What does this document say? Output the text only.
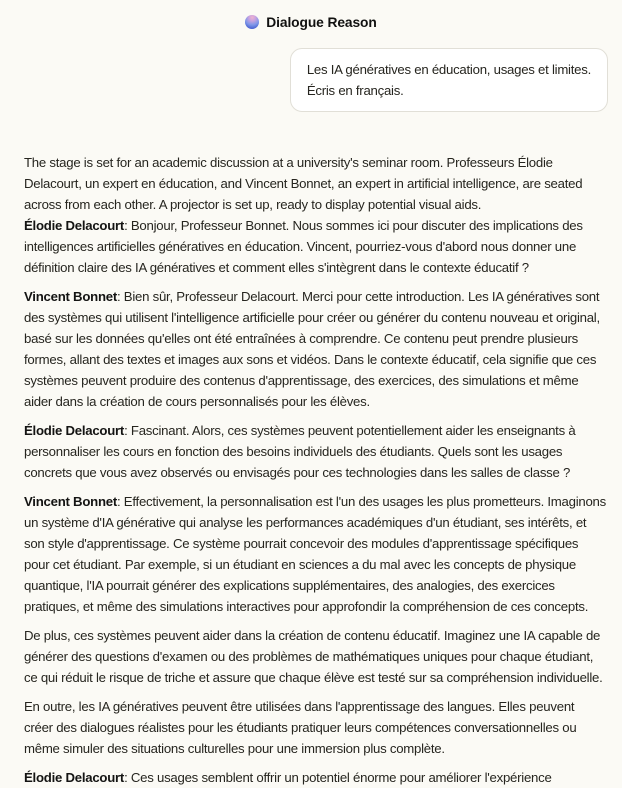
Dialogue Reason
Les IA génératives en éducation, usages et limites.
Écris en français.

The stage is set for an academic discussion at a university's seminar room. Professeurs Élodie Delacourt, un expert en éducation, and Vincent Bonnet, an expert in artificial intelligence, are seated across from each other. A projector is set up, ready to display potential visual aids.

Élodie Delacourt: Bonjour, Professeur Bonnet. Nous sommes ici pour discuter des implications des intelligences artificielles génératives en éducation. Vincent, pourriez-vous d'abord nous donner une définition claire des IA génératives et comment elles s'intègrent dans le contexte éducatif ?

Vincent Bonnet: Bien sûr, Professeur Delacourt. Merci pour cette introduction. Les IA génératives sont des systèmes qui utilisent l'intelligence artificielle pour créer ou générer du contenu nouveau et original, basé sur les données qu'elles ont été entraînées à comprendre. Ce contenu peut prendre plusieurs formes, allant des textes et images aux sons et vidéos. Dans le contexte éducatif, cela signifie que ces systèmes peuvent produire des contenus d'apprentissage, des exercices, des simulations et même aider dans la création de cours personnalisés pour les élèves.

Élodie Delacourt: Fascinant. Alors, ces systèmes peuvent potentiellement aider les enseignants à personnaliser les cours en fonction des besoins individuels des étudiants. Quels sont les usages concrets que vous avez observés ou envisagés pour ces technologies dans les salles de classe ?

Vincent Bonnet: Effectivement, la personnalisation est l'un des usages les plus prometteurs. Imaginons un système d'IA générative qui analyse les performances académiques d'un étudiant, ses intérêts, et son style d'apprentissage. Ce système pourrait concevoir des modules d'apprentissage spécifiques pour cet étudiant. Par exemple, si un étudiant en sciences a du mal avec les concepts de physique quantique, l'IA pourrait générer des explications supplémentaires, des analogies, des exercices pratiques, et même des simulations interactives pour approfondir la compréhension de ces concepts.

De plus, ces systèmes peuvent aider dans la création de contenu éducatif. Imaginez une IA capable de générer des questions d'examen ou des problèmes de mathématiques uniques pour chaque étudiant, ce qui réduit le risque de triche et assure que chaque élève est testé sur sa compréhension individuelle.

En outre, les IA génératives peuvent être utilisées dans l'apprentissage des langues. Elles peuvent créer des dialogues réalistes pour les étudiants pratiquer leurs compétences conversationnelles ou même simuler des situations culturelles pour une immersion plus complète.

Élodie Delacourt: Ces usages semblent offrir un potentiel énorme pour améliorer l'expérience
